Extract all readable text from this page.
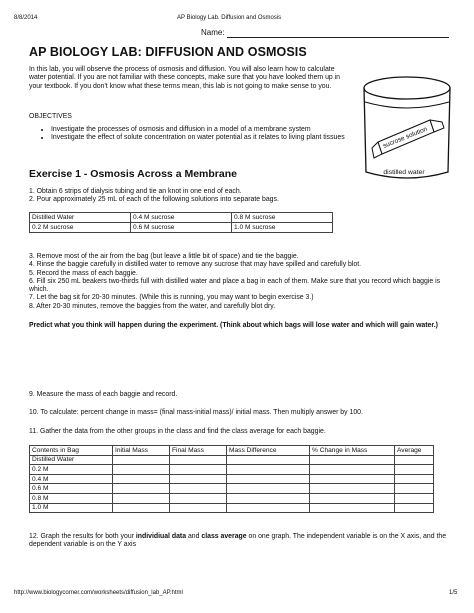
8/8/2014	AP Biology Lab. Diffusion and Osmosis
Name:
AP BIOLOGY LAB: DIFFUSION AND OSMOSIS
In this lab, you will observe the process of osmosis and diffusion. You will also learn how to calculate water potential. If you are not familiar with these concepts, make sure that you have looked them up in your textbook. If you don't know what these terms mean, this lab is not going to make sense to you.
OBJECTIVES
• Investigate the processes of osmosis and diffusion in a model of a membrane system
• Investigate the effect of solute concentration on water potential as it relates to living plant tissues	sucrose solution
distilled water
Exercise 1 - Osmosis Across a Membrane
1. Obtain 6 strips of dialysis tubing and tie an knot in one end of each.
2. Pour approximately 25 mL of each of the following solutions into separate bags.
Distilled Water	0.4 M sucrose	0.8 M sucrose
0.2 M sucrose	0.6 M sucrose	1.0 M sucrose
3. Remove most of the air from the bag (but leave a little bit of space) and tie the baggie.
4. Rinse the baggie carefully in distilled water to remove any sucrose that may have spilled and carefully blot.
5. Record the mass of each baggie.
6. Fill six 250 mL beakers two-thirds full with distilled water and place a bag in each of them. Make sure that you record which baggie is which.
7. Let the bag sit for 20-30 minutes. (While this is running, you may want to begin exercise 3.)
8. After 20-30 minutes, remove the baggies from the water, and carefully blot dry.
Predict what you think will happen during the experiment. (Think about which bags will lose water and which will gain water.)
9. Measure the mass of each baggie and record.
10. To calculate: percent change in mass= (final mass-initial mass)/ initial mass. Then multiply answer by 100.
11. Gather the data from the other groups in the class and find the class average for each baggie.
Contents in Bag	Initial Mass	Final Mass	Mass Difference	% Change in Mass	Average
Distilled Water					
0.2 M					
0.4 M					
0.6 M					
0.8 M					
1.0 M					
12. Graph the results for both your individiual data and class average on one graph. The independent variable is on the X axis, and the dependent variable is on the Y axis
http://www.biologycorner.com/worksheets/diffusion_lab_AP.html	1/5
